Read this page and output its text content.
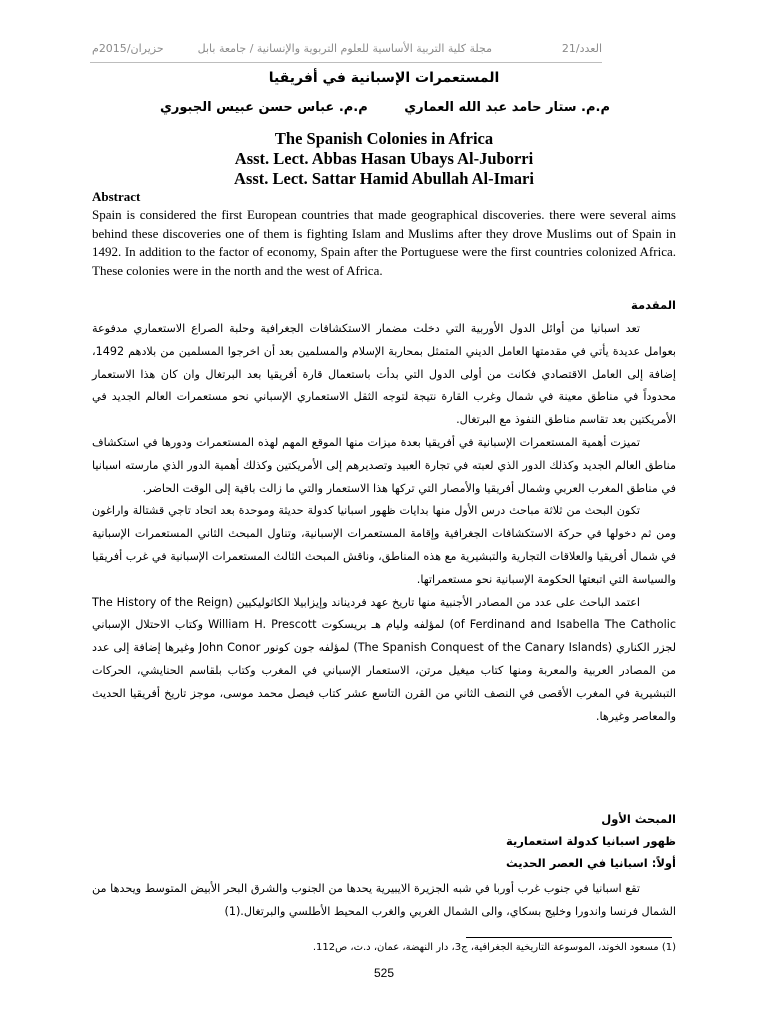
العدد/21
مجلة كلية التربية الأساسية للعلوم التربوية والإنسانية / جامعة بابل
حزيران/2015م
المستعمرات الإسبانية في أفريقيا
م.م. ستار حامد عبد الله العماري
م.م. عباس حسن عبيس الجبوري
The Spanish Colonies in Africa
Asst. Lect. Abbas Hasan Ubays Al-Juborri
Asst. Lect. Sattar Hamid Abullah Al-Imari
Abstract
Spain is considered the first European countries that made geographical discoveries. there were several aims behind these discoveries one of them is fighting Islam and Muslims after they drove Muslims out of Spain in 1492. In addition to the factor of economy, Spain after the Portuguese were the first countries colonized Africa. These colonies were in the north and the west of Africa.
المقدمة

تعد اسبانيا من أوائل الدول الأوربية التي دخلت مضمار الاستكشافات الجغرافية وحلبة الصراع الاستعماري مدفوعة بعوامل عديدة يأتي في مقدمتها العامل الديني المتمثل بمحاربة الإسلام والمسلمين بعد أن اخرجوا المسلمين من بلادهم 1492، إضافة إلى العامل الاقتصادي فكانت من أولى الدول التي بدأت باستعمال قارة أفريقيا بعد البرتغال وان كان هذا الاستعمار محدوداً في مناطق معينة في شمال وغرب القارة نتيجة لتوجه الثقل الاستعماري الإسباني نحو مستعمرات العالم الجديد في الأمريكتين بعد تقاسم مناطق النفوذ مع البرتغال.

تميزت أهمية المستعمرات الإسبانية في أفريقيا بعدة ميزات منها الموقع المهم لهذه المستعمرات ودورها في استكشاف مناطق العالم الجديد وكذلك الدور الذي لعبته في تجارة العبيد وتصديرهم إلى الأمريكتين وكذلك أهمية الدور الذي مارسته اسبانيا في مناطق المغرب العربي وشمال أفريقيا والأمصار التي تركها هذا الاستعمار والتي ما زالت باقية إلى الوقت الحاضر.

تكون البحث من ثلاثة مباحث درس الأول منها بدايات ظهور اسبانيا كدولة حديثة وموحدة بعد اتحاد تاجي قشتالة واراغون ومن ثم دخولها في حركة الاستكشافات الجغرافية وإقامة المستعمرات الإسبانية، وتناول المبحث الثاني المستعمرات الإسبانية في شمال أفريقيا والعلاقات التجارية والتبشيرية مع هذه المناطق، وناقش المبحث الثالث المستعمرات الإسبانية في غرب أفريقيا والسياسة التي اتبعتها الحكومة الإسبانية نحو مستعمراتها.

اعتمد الباحث على عدد من المصادر الأجنبية منها تاريخ عهد فرديناند وإيزابيلا الكاثوليكيين (The History of the Reign of Ferdinand and Isabella The Catholic) لمؤلفه وليام هـ بريسكوت William H. Prescott وكتاب الاحتلال الإسباني لجزر الكناري (The Spanish Conquest of the Canary Islands) لمؤلفه جون كونور John Conor وغيرها إضافة إلى عدد من المصادر العربية والمعربة ومنها كتاب ميغيل مرتن، الاستعمار الإسباني في المغرب وكتاب بلقاسم الحنايشي، الحركات التبشيرية في المغرب الأقصى في النصف الثاني من القرن التاسع عشر كتاب فيصل محمد موسى، موجز تاريخ أفريقيا الحديث والمعاصر وغيرها.

المبحث الأول
ظهور اسبانيا كدولة استعمارية
أولاً: اسبانيا في العصر الحديث

تقع اسبانيا في جنوب غرب أوربا في شبه الجزيرة الايبيرية يحدها من الجنوب والشرق البحر الأبيض المتوسط ويحدها من الشمال فرنسا واندورا وخليج بسكاي، والى الشمال الغربي والغرب المحيط الأطلسي والبرتغال.(1)

(1) مسعود الخوند، الموسوعة التاريخية الجغرافية، ج3، دار النهضة، عمان، د.ت، ص112.
525
